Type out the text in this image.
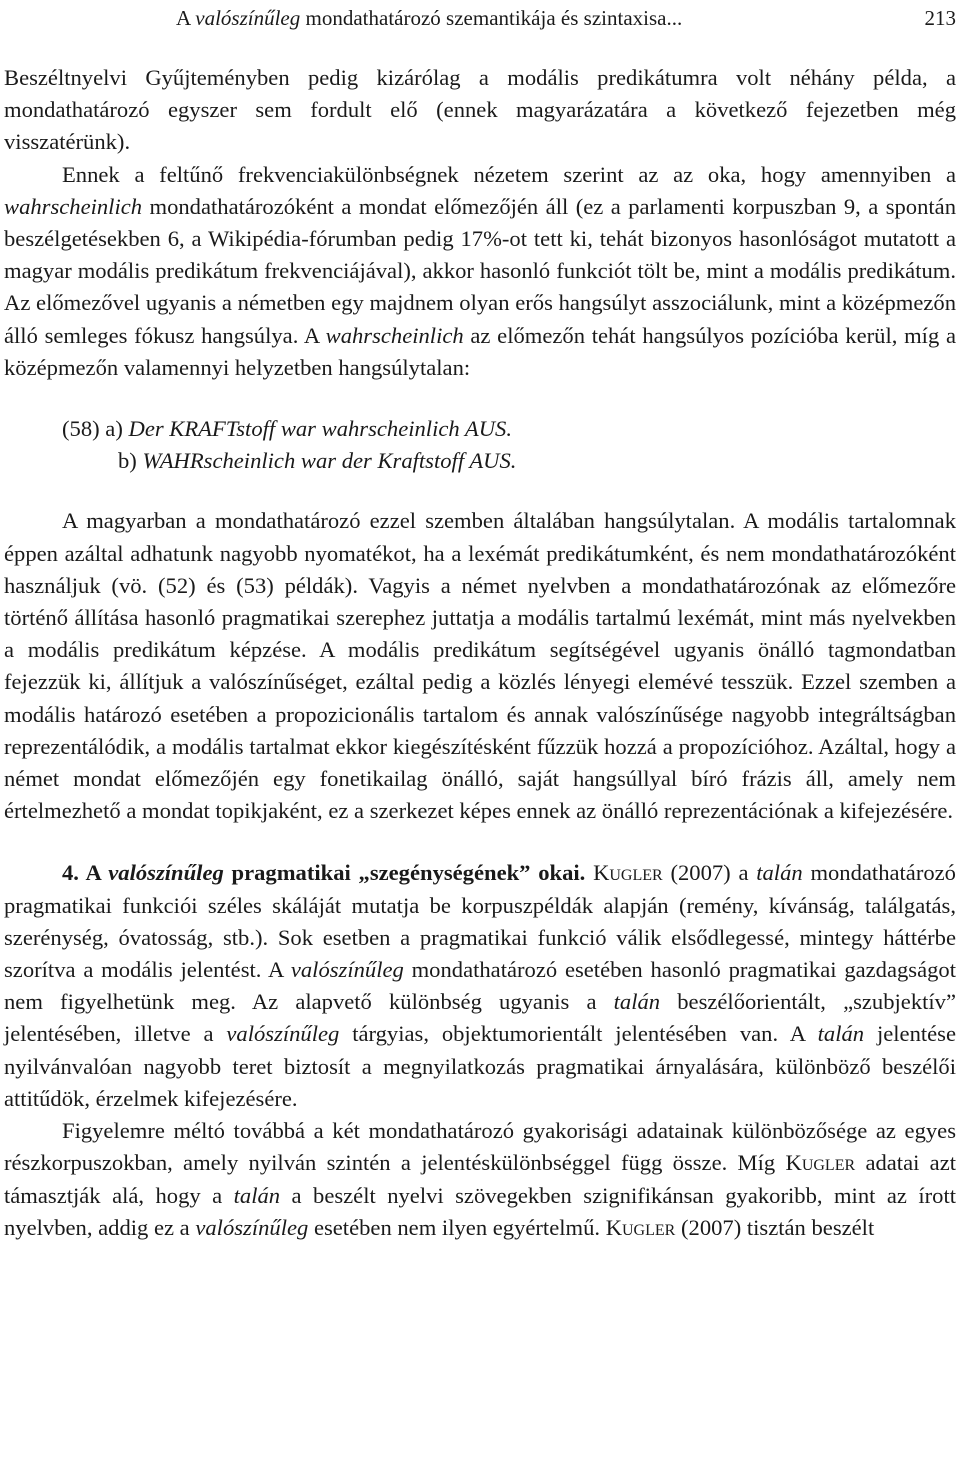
A valószínűleg mondathatározó szemantikája és szintaxisa...	213

Beszéltnyelvi Gyűjteményben pedig kizárólag a modális predikátumra volt néhány példa, a mondathatározó egyszer sem fordult elő (ennek magyarázatára a következő fejezetben még visszatérünk).

Ennek a feltűnő frekvenciakülönbségnek nézetem szerint az az oka, hogy amennyiben a wahrscheinlich mondathatározóként a mondat előmezőjén áll (ez a parlamenti korpuszban 9, a spontán beszélgetésekben 6, a Wikipédia-fórumban pedig 17%-ot tett ki, tehát bizonyos hasonlóságot mutatott a magyar modális predikátum frekvenciájával), akkor hasonló funkciót tölt be, mint a modális predikátum. Az előmezővel ugyanis a németben egy majdnem olyan erős hangsúlyt asszociálunk, mint a középmezőn álló semleges fókusz hangsúlya. A wahrscheinlich az előmezőn tehát hangsúlyos pozícióba kerül, míg a középmezőn valamennyi helyzetben hangsúlytalan:

(58) a) Der KRAFTstoff war wahrscheinlich AUS.
b) WAHRscheinlich war der Kraftstoff AUS.

A magyarban a mondathatározó ezzel szemben általában hangsúlytalan. A modális tartalomnak éppen azáltal adhatunk nagyobb nyomatékot, ha a lexémát predikátumként, és nem mondathatározóként használjuk (vö. (52) és (53) példák). Vagyis a német nyelvben a mondathatározónak az előmezőre történő állítása hasonló pragmatikai szerephez juttatja a modális tartalmú lexémát, mint más nyelvekben a modális predikátum képzése. A modális predikátum segítségével ugyanis önálló tagmondatban fejezzük ki, állítjuk a valószínűséget, ezáltal pedig a közlés lényegi elemévé tesszük. Ezzel szemben a modális határozó esetében a propozicionális tartalom és annak valószínűsége nagyobb integráltságban reprezentálódik, a modális tartalmat ekkor kiegészítésként fűzzük hozzá a propozícióhoz. Azáltal, hogy a német mondat előmezőjén egy fonetikailag önálló, saját hangsúllyal bíró frázis áll, amely nem értelmezhető a mondat topikjaként, ez a szerkezet képes ennek az önálló reprezentációnak a kifejezésére.

4. A valószínűleg pragmatikai „szegénységének” okai. Kugler (2007) a talán mondathatározó pragmatikai funkciói széles skáláját mutatja be korpuszpéldák alapján (remény, kívánság, találgatás, szerénység, óvatosság, stb.). Sok esetben a pragmatikai funkció válik elsődlegessé, mintegy háttérbe szorítva a modális jelentést. A valószínűleg mondathatározó esetében hasonló pragmatikai gazdagságot nem figyelhetünk meg. Az alapvető különbség ugyanis a talán beszélőorientált, „szubjektív” jelentésében, illetve a valószínűleg tárgyias, objektumorientált jelentésében van. A talán jelentése nyilvánvalóan nagyobb teret biztosít a megnyilatkozás pragmatikai árnyalására, különböző beszélői attitűdök, érzelmek kifejezésére.

Figyelemre méltó továbbá a két mondathatározó gyakorisági adatainak különbözősége az egyes részkorpuszokban, amely nyilván szintén a jelentéskülönbséggel függ össze. Míg Kugler adatai azt támasztják alá, hogy a talán a beszélt nyelvi szövegekben szignifikánsan gyakoribb, mint az írott nyelvben, addig ez a valószínűleg esetében nem ilyen egyértelmű. Kugler (2007) tisztán beszélt
